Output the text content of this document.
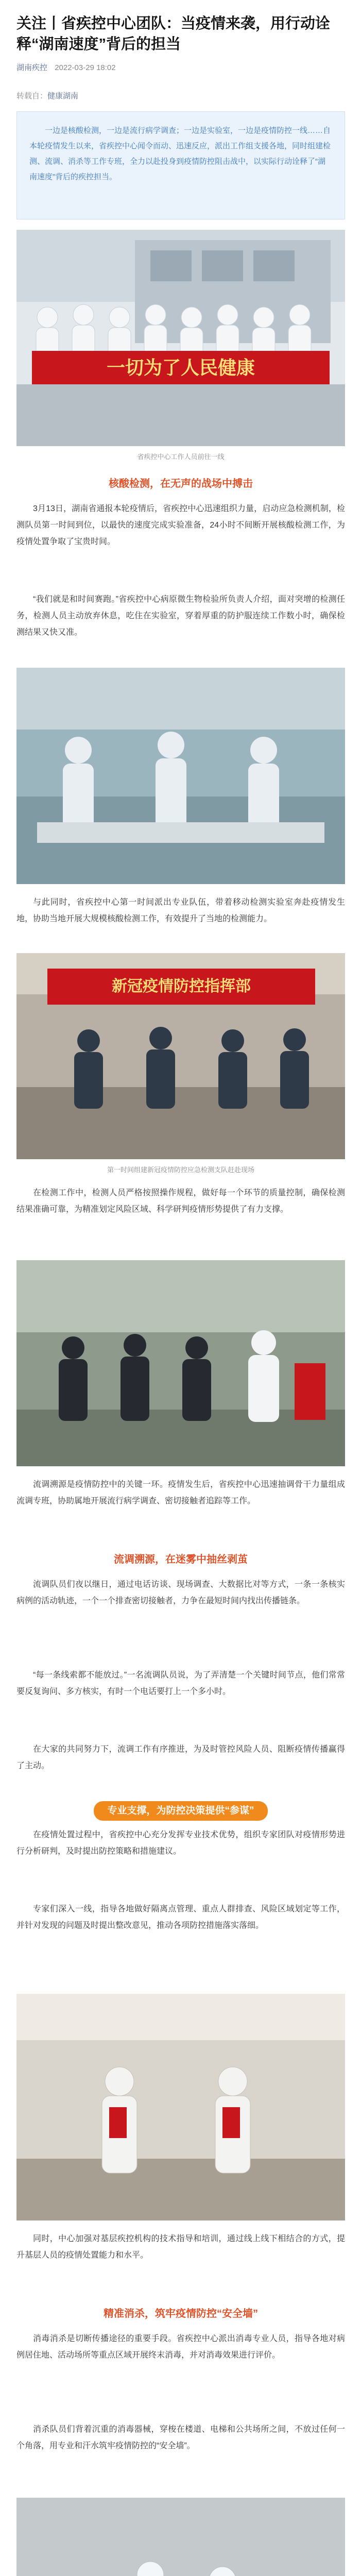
关注丨省疾控中心团队：当疫情来袭，用行动诠释“湖南速度”背后的担当
湖南疾控 2022-03-29 18:02
转载自：健康湖南
一边是核酸检测，一边是流行病学调查；一边是实验室，一边是疫情防控一线……自本轮疫情发生以来，省疾控中心闻令而动、迅速反应，派出工作组支援各地，同时组建检测、流调、消杀等工作专班，全力以赴投身到疫情防控阻击战中，以实际行动诠释了“湖南速度”背后的疾控担当。
一切为了人民健康
省疾控中心工作人员前往一线
核酸检测，在无声的战场中搏击

3月13日，湖南省通报本轮疫情后，省疾控中心迅速组织力量，启动应急检测机制，检测队员第一时间到位，以最快的速度完成实验准备，24小时不间断开展核酸检测工作，为疫情处置争取了宝贵时间。

“我们就是和时间赛跑。”省疾控中心病原微生物检验所负责人介绍，面对突增的检测任务，检测人员主动放弃休息，吃住在实验室，穿着厚重的防护服连续工作数小时，确保检测结果又快又准。

与此同时，省疾控中心第一时间派出专业队伍，带着移动检测实验室奔赴疫情发生地，协助当地开展大规模核酸检测工作，有效提升了当地的检测能力。

新冠疫情防控指挥部
第一时间组建新冠疫情防控应急检测支队赶赴现场

在检测工作中，检测人员严格按照操作规程，做好每一个环节的质量控制，确保检测结果准确可靠，为精准划定风险区域、科学研判疫情形势提供了有力支撑。

流调溯源是疫情防控中的关键一环。疫情发生后，省疾控中心迅速抽调骨干力量组成流调专班，协助属地开展流行病学调查、密切接触者追踪等工作。

流调溯源，在迷雾中抽丝剥茧

流调队员们夜以继日，通过电话访谈、现场调查、大数据比对等方式，一条一条核实病例的活动轨迹，一个一个排查密切接触者，力争在最短时间内找出传播链条。

“每一条线索都不能放过。”一名流调队员说，为了弄清楚一个关键时间节点，他们常常要反复询问、多方核实，有时一个电话要打上一个多小时。

在大家的共同努力下，流调工作有序推进，为及时管控风险人员、阻断疫情传播赢得了主动。

专业支撑，为防控决策提供“参谋”

在疫情处置过程中，省疾控中心充分发挥专业技术优势，组织专家团队对疫情形势进行分析研判，及时提出防控策略和措施建议。

专家们深入一线，指导各地做好隔离点管理、重点人群排查、风险区域划定等工作，并针对发现的问题及时提出整改意见，推动各项防控措施落实落细。

同时，中心加强对基层疾控机构的技术指导和培训，通过线上线下相结合的方式，提升基层人员的疫情处置能力和水平。

精准消杀，筑牢疫情防控“安全墙”

消毒消杀是切断传播途径的重要手段。省疾控中心派出消毒专业人员，指导各地对病例居住地、活动场所等重点区域开展终末消毒，并对消毒效果进行评价。

消杀队员们背着沉重的消毒器械，穿梭在楼道、电梯和公共场所之间，不放过任何一个角落，用专业和汗水筑牢疫情防控的“安全墙”。
